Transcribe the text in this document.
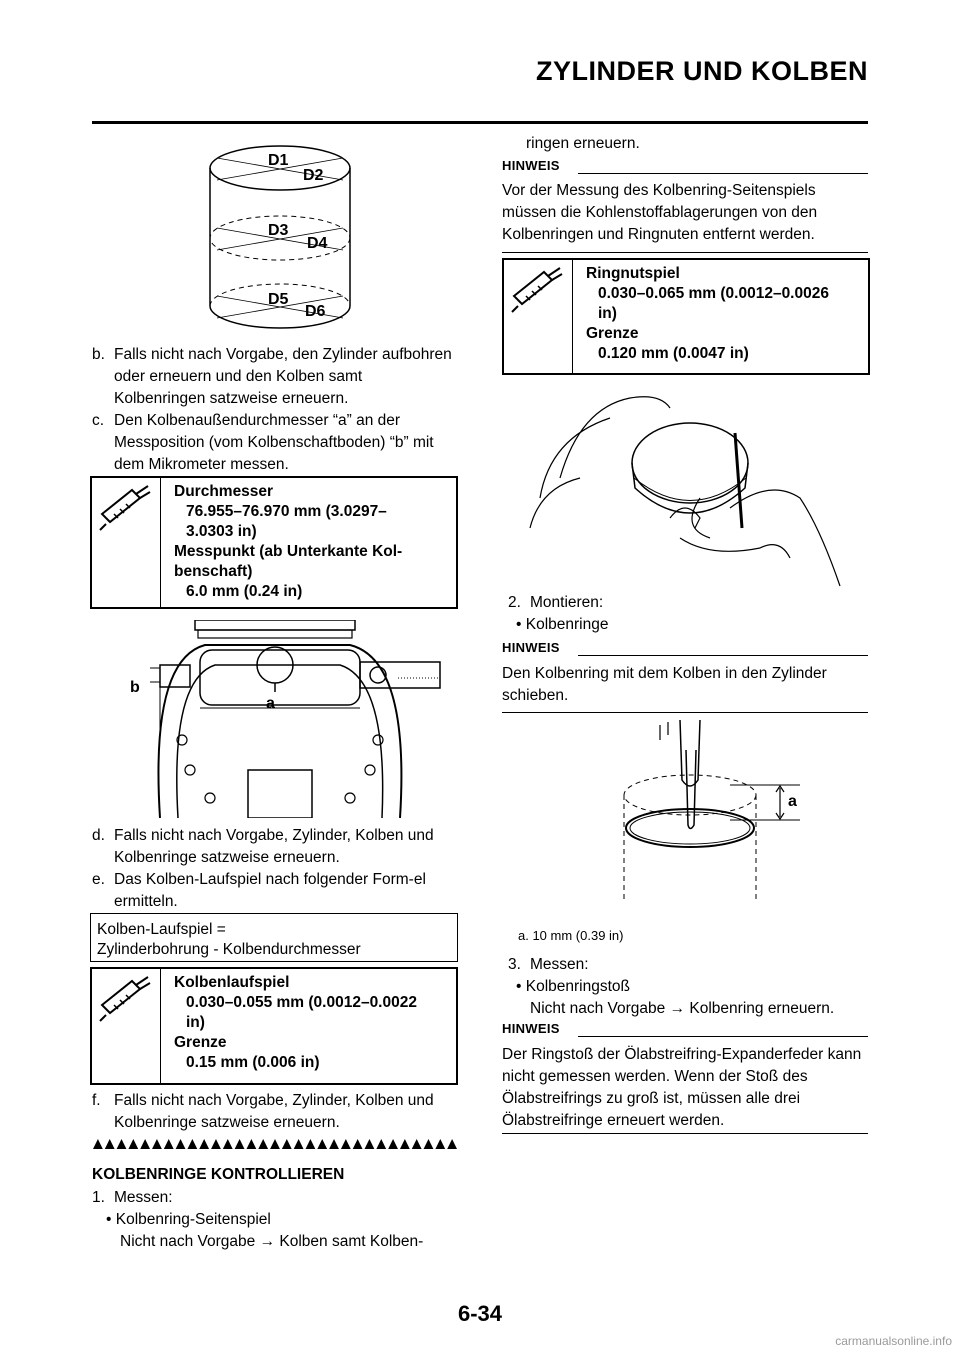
ZYLINDER UND KOLBEN
D1
D2
D3
D4
D5
D6
b. Falls nicht nach Vorgabe, den Zylinder aufbohren oder erneuern und den Kolben samt Kolbenringen satzweise erneuern.
c. Den Kolbenaußendurchmesser “a” an der Messposition (vom Kolbenschaftboden) “b” mit dem Mikrometer messen.
Durchmesser
76.955–76.970 mm (3.0297–
3.0303 in)
Messpunkt (ab Unterkante Kol-
benschaft)
6.0 mm (0.24 in)
a
b
d. Falls nicht nach Vorgabe, Zylinder, Kolben und Kolbenringe satzweise erneuern.
e. Das Kolben-Laufspiel nach folgender Form-el ermitteln.
Kolben-Laufspiel =
Zylinderbohrung - Kolbendurchmesser
Kolbenlaufspiel
0.030–0.055 mm (0.0012–0.0022
in)
Grenze
0.15 mm (0.006 in)
f. Falls nicht nach Vorgabe, Zylinder, Kolben und Kolbenringe satzweise erneuern.
KOLBENRINGE KONTROLLIEREN
1. Messen:
• Kolbenring-Seitenspiel
Nicht nach Vorgabe → Kolben samt Kolben-
ringen erneuern.
HINWEIS
Vor der Messung des Kolbenring-Seitenspiels müssen die Kohlenstoffablagerungen von den Kolbenringen und Ringnuten entfernt werden.
Ringnutspiel
0.030–0.065 mm (0.0012–0.0026
in)
Grenze
0.120 mm (0.0047 in)
2. Montieren:
• Kolbenringe
HINWEIS
Den Kolbenring mit dem Kolben in den Zylinder schieben.
a
a. 10 mm (0.39 in)
3. Messen:
• Kolbenringstoß
Nicht nach Vorgabe → Kolbenring erneuern.
HINWEIS
Der Ringstoß der Ölabstreifring-Expanderfeder kann nicht gemessen werden. Wenn der Stoß des Ölabstreifrings zu groß ist, müssen alle drei Ölabstreifringe erneuert werden.
6-34
carmanualsonline.info
